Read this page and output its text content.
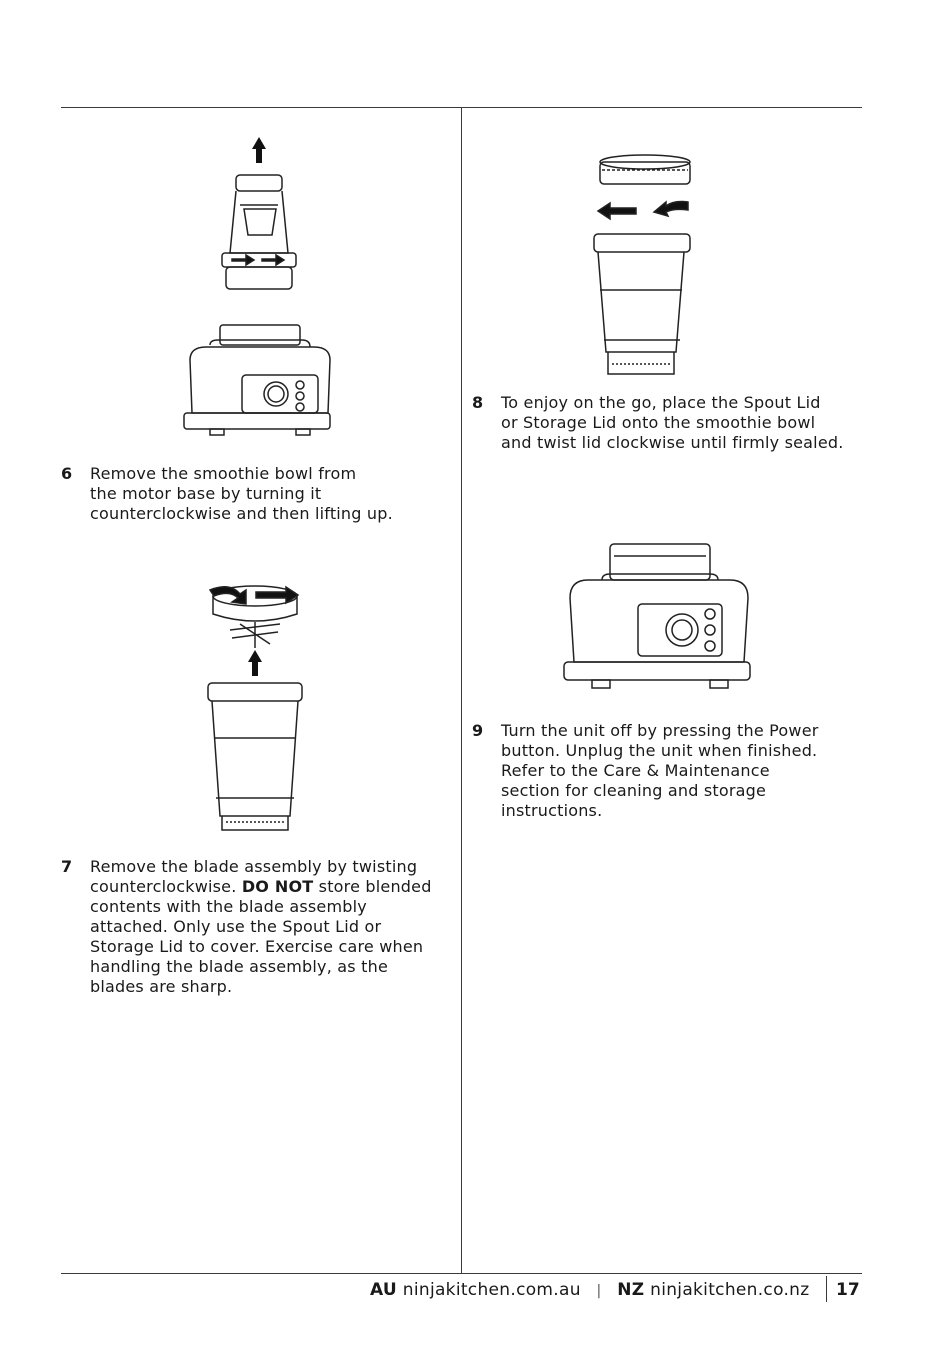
6 Remove the smoothie bowl from
the motor base by turning it
counterclockwise and then lifting up.
7 Remove the blade assembly by twisting
counterclockwise. DO NOT store blended
contents with the blade assembly
attached. Only use the Spout Lid or
Storage Lid to cover. Exercise care when
handling the blade assembly, as the
blades are sharp.
8 To enjoy on the go, place the Spout Lid
or Storage Lid onto the smoothie bowl
and twist lid clockwise until firmly sealed.
9 Turn the unit off by pressing the Power
button. Unplug the unit when finished.
Refer to the Care & Maintenance
section for cleaning and storage
instructions.
AU ninjakitchen.com.au | NZ ninjakitchen.co.nz 17
